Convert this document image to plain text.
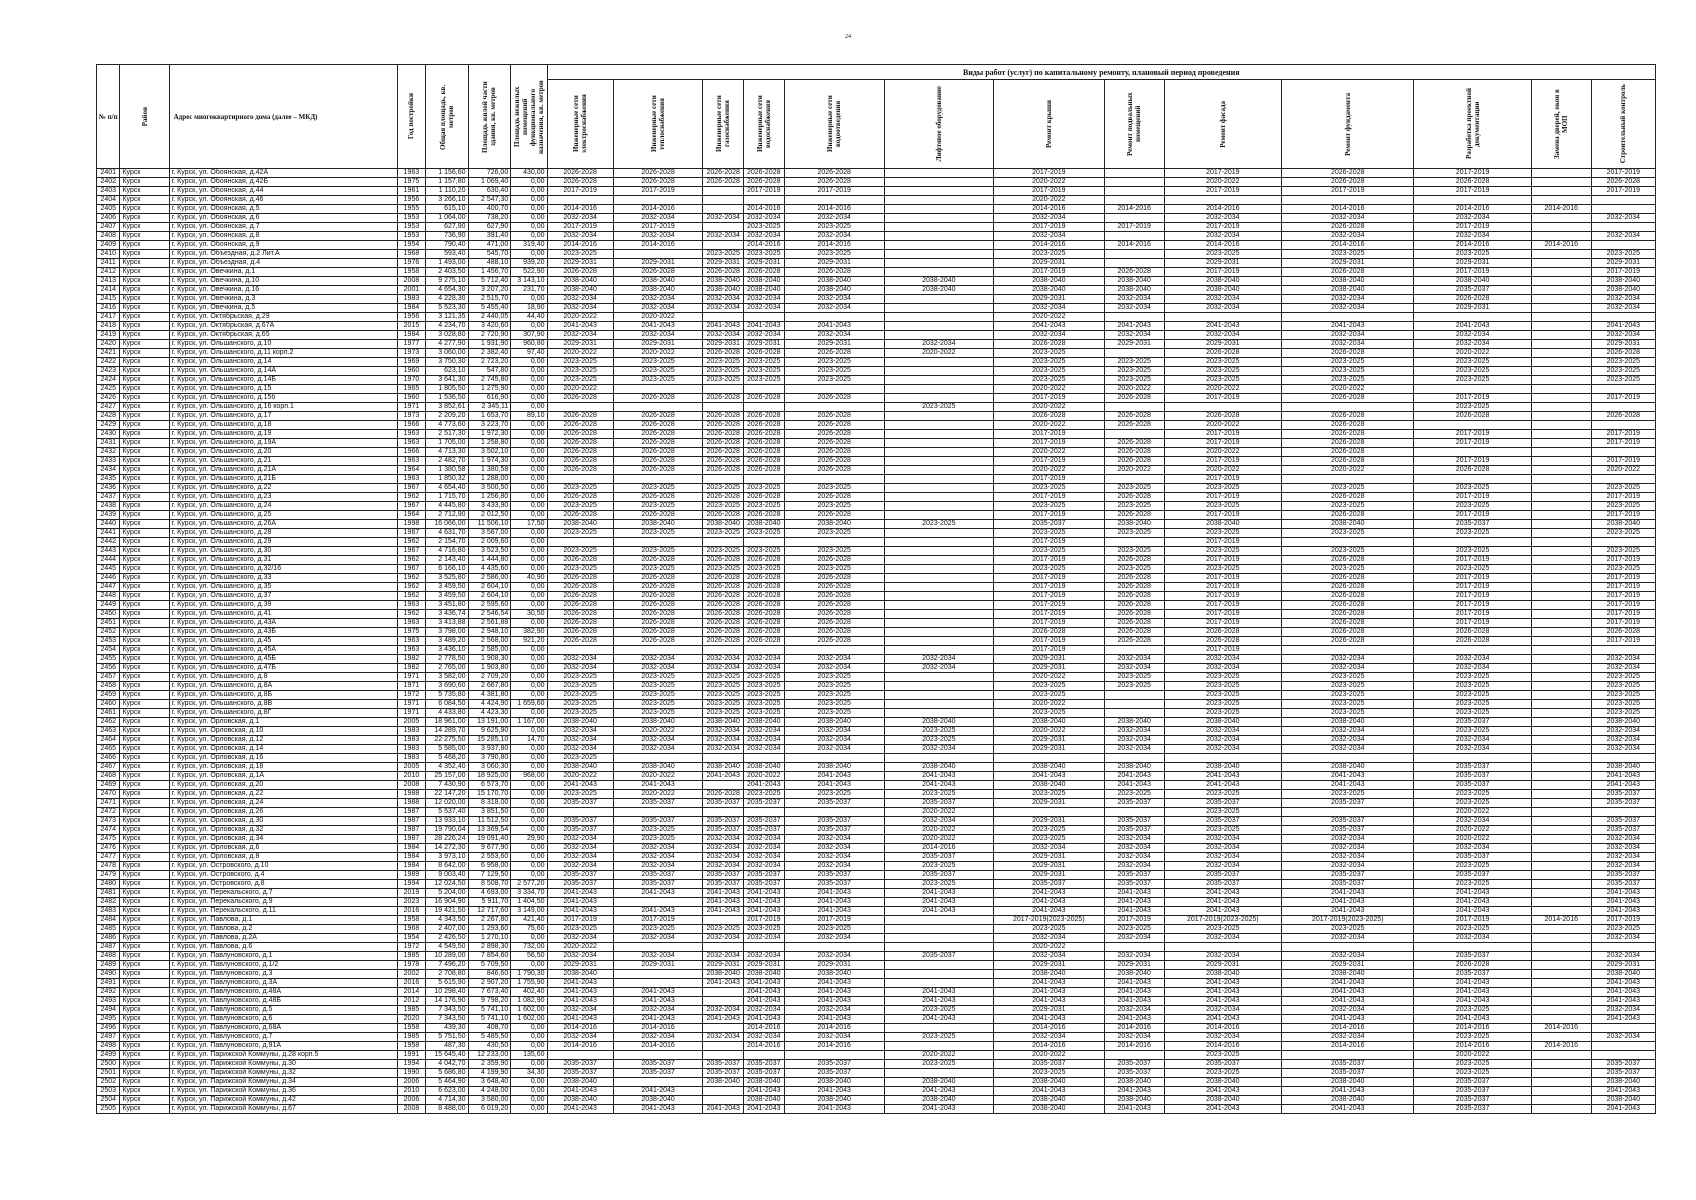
24
№ п/п	Район	Адрес многоквартирного дома (далее – МКД)	Год постройки	Общая площадь, кв. метров	Площадь жилой части здания, кв. метров	Площадь нежилых помещений функционального назначения, кв. метров	Виды работ (услуг) по капитальному ремонту, плановый период проведения												

							Инженерные сети электроснабжения	Инженерные сети теплоснабжения	Инженерные сети газоснабжения	Инженерные сети водоснабжения	Инженерные сети водоотведения	Лифтовое оборудование	Ремонт крыши	Ремонт подвальных помещений	Ремонт фасада	Ремонт фундамента	Разработка проектной документации	Замена дверей, окон в МОП	Строительный контроль

2401	Курск	г. Курск, ул. Обоянская, д.42А	1963	1 156,60	726,00	430,00	2026-2028	2026-2028	2026-2028	2026-2028	2026-2028		2017-2019		2017-2019	2026-2028	2017-2019		2017-2019
2402	Курск	г. Курск, ул. Обоянская, д.42Б	1975	1 157,80	1 069,40	0,00	2026-2028	2026-2028	2026-2028	2026-2028	2026-2028		2020-2022		2020-2022	2026-2028	2026-2028		2026-2028
2403	Курск	г. Курск, ул. Обоянская, д.44	1961	1 110,20	630,40	0,00	2017-2019	2017-2019		2017-2019	2017-2019		2017-2019		2017-2019	2017-2019	2017-2019		2017-2019
2404	Курск	г. Курск, ул. Обоянская, д.46	1956	3 266,10	2 547,30	0,00							2020-2022						
2405	Курск	г. Курск, ул. Обоянская, д.5	1955	615,10	400,70	0,00	2014-2016	2014-2016		2014-2016	2014-2016		2014-2016	2014-2016	2014-2016	2014-2016	2014-2016	2014-2016	
2406	Курск	г. Курск, ул. Обоянская, д.6	1953	1 064,00	738,20	0,00	2032-2034	2032-2034	2032-2034	2032-2034	2032-2034		2032-2034		2032-2034	2032-2034	2032-2034		2032-2034
2407	Курск	г. Курск, ул. Обоянская, д.7	1953	627,90	627,90	0,00	2017-2019	2017-2019		2023-2025	2023-2025		2017-2019	2017-2019	2017-2019	2026-2028	2017-2019		
2408	Курск	г. Курск, ул. Обоянская, д.8	1953	736,90	391,40	0,00	2032-2034	2032-2034	2032-2034	2032-2034	2032-2034		2032-2034		2032-2034	2032-2034	2032-2034		2032-2034
2409	Курск	г. Курск, ул. Обоянская, д.9	1954	790,40	471,00	319,40	2014-2016	2014-2016		2014-2016	2014-2016		2014-2016	2014-2016	2014-2016	2014-2016	2014-2016	2014-2016	
2410	Курск	г. Курск, ул. Объездная, д.2 Лит.А	1968	593,40	545,70	0,00	2023-2025		2023-2025	2023-2025	2023-2025		2023-2025		2023-2025	2023-2025	2023-2025		2023-2025
2411	Курск	г. Курск, ул. Объездная, д.4	1976	1 493,00	488,10	939,20	2029-2031	2029-2031	2029-2031	2029-2031	2029-2031		2029-2031		2029-2031	2029-2031	2029-2031		2029-2031
2412	Курск	г. Курск, ул. Овечкина, д.1	1958	2 403,50	1 456,70	522,90	2026-2028	2026-2028	2026-2028	2026-2028	2026-2028		2017-2019	2026-2028	2017-2019	2026-2028	2017-2019		2017-2019
2413	Курск	г. Курск, ул. Овечкина, д.10	2008	9 275,10	5 712,40	3 143,10	2038-2040	2038-2040	2038-2040	2038-2040	2038-2040	2038-2040	2038-2040	2038-2040	2038-2040	2038-2040	2038-2040		2038-2040
2414	Курск	г. Курск, ул. Овечкина, д.16	2001	4 654,30	3 207,20	231,70	2038-2040	2038-2040	2038-2040	2038-2040	2038-2040	2038-2040	2038-2040	2038-2040	2038-2040	2038-2040	2035-2037		2038-2040
2415	Курск	г. Курск, ул. Овечкина, д.3	1983	4 228,30	2 515,70	0,00	2032-2034	2032-2034	2032-2034	2032-2034	2032-2034		2029-2031	2032-2034	2032-2034	2032-2034	2026-2028		2032-2034
2416	Курск	г. Курск, ул. Овечкина, д.5	1984	5 523,30	5 455,40	18,90	2032-2034	2032-2034	2032-2034	2032-2034	2032-2034		2032-2034	2032-2034	2032-2034	2032-2034	2029-2031		2032-2034
2417	Курск	г. Курск, ул. Октябрьская, д.29	1956	3 121,35	2 440,05	44,40	2020-2022	2020-2022					2020-2022						
2418	Курск	г. Курск, ул. Октябрьская, д.67А	2015	4 234,70	3 420,60	0,00	2041-2043	2041-2043	2041-2043	2041-2043	2041-2043		2041-2043	2041-2043	2041-2043	2041-2043	2041-2043		2041-2043
2419	Курск	г. Курск, ул. Октябрьская, д.65	1984	3 028,80	2 720,90	307,90	2032-2034	2032-2034	2032-2034	2032-2034	2032-2034		2032-2034	2032-2034	2032-2034	2032-2034	2032-2034		2032-2034
2420	Курск	г. Курск, ул. Ольшанского, д.10	1977	4 277,90	1 931,90	960,80	2029-2031	2029-2031	2029-2031	2029-2031	2029-2031	2032-2034	2026-2028	2029-2031	2029-2031	2032-2034	2032-2034		2029-2031
2421	Курск	г. Курск, ул. Ольшанского, д.11 корп.2	1973	3 060,00	2 382,40	97,40	2020-2022	2020-2022	2026-2028	2026-2028	2026-2028	2020-2022	2023-2025		2026-2028	2026-2028	2020-2022		2026-2028
2422	Курск	г. Курск, ул. Ольшанского, д.14	1969	3 750,30	2 723,20	0,00	2023-2025	2023-2025	2023-2025	2023-2025	2023-2025		2023-2025	2023-2025	2023-2025	2023-2025	2023-2025		2023-2025
2423	Курск	г. Курск, ул. Ольшанского, д.14А	1960	623,10	547,80	0,00	2023-2025	2023-2025	2023-2025	2023-2025	2023-2025		2023-2025	2023-2025	2023-2025	2023-2025	2023-2025		2023-2025
2424	Курск	г. Курск, ул. Ольшанского, д.14Б	1970	3 641,30	2 745,80	0,00	2023-2025	2023-2025	2023-2025	2023-2025	2023-2025		2023-2025	2023-2025	2023-2025	2023-2025	2023-2025		2023-2025
2425	Курск	г. Курск, ул. Ольшанского, д.15	1965	1 805,50	1 275,90	0,00	2020-2022						2020-2022	2020-2022	2020-2022	2020-2022			
2426	Курск	г. Курск, ул. Ольшанского, д.15б	1960	1 536,50	616,90	0,00	2026-2028	2026-2028	2026-2028	2026-2028	2026-2028		2017-2019	2026-2028	2017-2019	2026-2028	2017-2019		2017-2019
2427	Курск	г. Курск, ул. Ольшанского, д.16 корп.1	1971	3 852,61	2 345,11	0,00						2023-2025	2020-2022				2023-2025		
2428	Курск	г. Курск, ул. Ольшанского, д.17	1973	2 209,20	1 653,70	89,10	2026-2028	2026-2028	2026-2028	2026-2028	2026-2028		2026-2028	2026-2028	2026-2028	2026-2028	2026-2028		2026-2028
2429	Курск	г. Курск, ул. Ольшанского, д.18	1966	4 773,60	3 223,70	0,00	2026-2028	2026-2028	2026-2028	2026-2028	2026-2028		2020-2022	2026-2028	2020-2022	2026-2028			
2430	Курск	г. Курск, ул. Ольшанского, д.19	1963	2 517,30	1 972,30	0,00	2026-2028	2026-2028	2026-2028	2026-2028	2026-2028		2017-2019		2017-2019	2026-2028	2017-2019		2017-2019
2431	Курск	г. Курск, ул. Ольшанского, д.19А	1963	1 705,00	1 258,80	0,00	2026-2028	2026-2028	2026-2028	2026-2028	2026-2028		2017-2019	2026-2028	2017-2019	2026-2028	2017-2019		2017-2019
2432	Курск	г. Курск, ул. Ольшанского, д.20	1966	4 713,30	3 502,10	0,00	2026-2028	2026-2028	2026-2028	2026-2028	2026-2028		2020-2022	2026-2028	2020-2022	2026-2028			
2433	Курск	г. Курск, ул. Ольшанского, д.21	1963	2 482,70	1 974,30	0,00	2026-2028	2026-2028	2026-2028	2026-2028	2026-2028		2017-2019	2026-2028	2017-2019	2026-2028	2017-2019		2017-2019
2434	Курск	г. Курск, ул. Ольшанского, д.21А	1964	1 380,58	1 380,58	0,00	2026-2028	2026-2028	2026-2028	2026-2028	2026-2028		2020-2022	2020-2022	2020-2022	2020-2022	2026-2028		2020-2022
2435	Курск	г. Курск, ул. Ольшанского, д.21Б	1963	1 850,32	1 288,00	0,00							2017-2019		2017-2019				
2436	Курск	г. Курск, ул. Ольшанского, д.22	1967	4 654,40	3 500,50	0,00	2023-2025	2023-2025	2023-2025	2023-2025	2023-2025		2023-2025	2023-2025	2023-2025	2023-2025	2023-2025		2023-2025
2437	Курск	г. Курск, ул. Ольшанского, д.23	1962	1 715,70	1 256,80	0,00	2026-2028	2026-2028	2026-2028	2026-2028	2026-2028		2017-2019	2026-2028	2017-2019	2026-2028	2017-2019		2017-2019
2438	Курск	г. Курск, ул. Ольшанского, д.24	1967	4 445,80	3 433,90	0,00	2023-2025	2023-2025	2023-2025	2023-2025	2023-2025		2023-2025	2023-2025	2023-2025	2023-2025	2023-2025		2023-2025
2439	Курск	г. Курск, ул. Ольшанского, д.25	1964	2 712,90	2 012,50	0,00	2026-2028	2026-2028	2026-2028	2026-2028	2026-2028		2017-2019	2026-2028	2017-2019	2026-2028	2017-2019		2017-2019
2440	Курск	г. Курск, ул. Ольшанского, д.26А	1998	16 066,00	11 506,10	17,50	2038-2040	2038-2040	2038-2040	2038-2040	2038-2040	2023-2025	2035-2037	2038-2040	2038-2040	2038-2040	2035-2037		2038-2040
2441	Курск	г. Курск, ул. Ольшанского, д.28	1967	4 631,70	3 567,00	0,00	2023-2025	2023-2025	2023-2025	2023-2025	2023-2025		2023-2025	2023-2025	2023-2025	2023-2025	2023-2025		2023-2025
2442	Курск	г. Курск, ул. Ольшанского, д.29	1962	2 154,70	2 009,60	0,00							2017-2019		2017-2019				
2443	Курск	г. Курск, ул. Ольшанского, д.30	1967	4 716,80	3 523,50	0,00	2023-2025	2023-2025	2023-2025	2023-2025	2023-2025		2023-2025	2023-2025	2023-2025	2023-2025	2023-2025		2023-2025
2444	Курск	г. Курск, ул. Ольшанского, д.31	1962	2 143,40	1 444,80	0,00	2026-2028	2026-2028	2026-2028	2026-2028	2026-2028		2017-2019	2026-2028	2017-2019	2026-2028	2017-2019		2017-2019
2445	Курск	г. Курск, ул. Ольшанского, д.32/16	1967	6 166,10	4 435,60	0,00	2023-2025	2023-2025	2023-2025	2023-2025	2023-2025		2023-2025	2023-2025	2023-2025	2023-2025	2023-2025		2023-2025
2446	Курск	г. Курск, ул. Ольшанского, д.33	1962	3 525,80	2 586,00	40,90	2026-2028	2026-2028	2026-2028	2026-2028	2026-2028		2017-2019	2026-2028	2017-2019	2026-2028	2017-2019		2017-2019
2447	Курск	г. Курск, ул. Ольшанского, д.35	1962	3 459,50	2 604,10	0,00	2026-2028	2026-2028	2026-2028	2026-2028	2026-2028		2017-2019	2026-2028	2017-2019	2026-2028	2017-2019		2017-2019
2448	Курск	г. Курск, ул. Ольшанского, д.37	1962	3 459,50	2 604,10	0,00	2026-2028	2026-2028	2026-2028	2026-2028	2026-2028		2017-2019	2026-2028	2017-2019	2026-2028	2017-2019		2017-2019
2449	Курск	г. Курск, ул. Ольшанского, д.39	1963	3 451,80	2 595,60	0,00	2026-2028	2026-2028	2026-2028	2026-2028	2026-2028		2017-2019	2026-2028	2017-2019	2026-2028	2017-2019		2017-2019
2450	Курск	г. Курск, ул. Ольшанского, д.41	1962	3 436,74	2 546,54	30,50	2026-2028	2026-2028	2026-2028	2026-2028	2026-2028		2017-2019	2026-2028	2017-2019	2026-2028	2017-2019		2017-2019
2451	Курск	г. Курск, ул. Ольшанского, д.43А	1963	3 413,88	2 561,88	0,00	2026-2028	2026-2028	2026-2028	2026-2028	2026-2028		2017-2019	2026-2028	2017-2019	2026-2028	2017-2019		2017-2019
2452	Курск	г. Курск, ул. Ольшанского, д.43Б	1975	3 798,00	2 948,10	382,90	2026-2028	2026-2028	2026-2028	2026-2028	2026-2028		2026-2028	2026-2028	2026-2028	2026-2028	2026-2028		2026-2028
2453	Курск	г. Курск, ул. Ольшанского, д.45	1963	3 489,20	2 568,00	921,20	2026-2028	2026-2028	2026-2028	2026-2028	2026-2028		2017-2019	2026-2028	2026-2028	2026-2028	2026-2028		2017-2019
2454	Курск	г. Курск, ул. Ольшанского, д.45А	1963	3 436,10	2 585,00	0,00							2017-2019		2017-2019				
2455	Курск	г. Курск, ул. Ольшанского, д.45Б	1982	2 778,50	1 908,30	0,00	2032-2034	2032-2034	2032-2034	2032-2034	2032-2034	2032-2034	2029-2031	2032-2034	2032-2034	2032-2034	2032-2034		2032-2034
2456	Курск	г. Курск, ул. Ольшанского, д.47Б	1982	2 765,00	1 903,80	0,00	2032-2034	2032-2034	2032-2034	2032-2034	2032-2034	2032-2034	2029-2031	2032-2034	2032-2034	2032-2034	2032-2034		2032-2034
2457	Курск	г. Курск, ул. Ольшанского, д.8	1971	3 582,00	2 709,20	0,00	2023-2025	2023-2025	2023-2025	2023-2025	2023-2025		2020-2022	2023-2025	2023-2025	2023-2025	2023-2025		2023-2025
2458	Курск	г. Курск, ул. Ольшанского, д.8А	1971	3 690,60	2 667,80	0,00	2023-2025	2023-2025	2023-2025	2023-2025	2023-2025		2023-2025	2023-2025	2023-2025	2023-2025	2023-2025		2023-2025
2459	Курск	г. Курск, ул. Ольшанского, д.8Б	1972	5 735,80	4 381,80	0,00	2023-2025	2023-2025	2023-2025	2023-2025	2023-2025		2023-2025		2023-2025	2023-2025	2023-2025		2023-2025
2460	Курск	г. Курск, ул. Ольшанского, д.8В	1971	6 084,50	4 424,90	1 659,60	2023-2025	2023-2025	2023-2025	2023-2025	2023-2025		2020-2022		2023-2025	2023-2025	2023-2025		2023-2025
2461	Курск	г. Курск, ул. Ольшанского, д.8Г	1971	4 433,80	4 423,30	0,00	2023-2025	2023-2025	2023-2025	2023-2025	2023-2025		2023-2025		2023-2025	2023-2025	2023-2025		2023-2025
2462	Курск	г. Курск, ул. Орловская, д.1	2005	18 961,00	13 191,00	1 167,00	2038-2040	2038-2040	2038-2040	2038-2040	2038-2040	2038-2040	2038-2040	2038-2040	2038-2040	2038-2040	2035-2037		2038-2040
2463	Курск	г. Курск, ул. Орловская, д.10	1983	14 289,70	9 625,90	0,00	2032-2034	2020-2022	2032-2034	2032-2034	2032-2034	2023-2025	2020-2022	2032-2034	2032-2034	2032-2034	2023-2025		2032-2034
2464	Курск	г. Курск, ул. Орловская, д.12	1983	22 275,50	15 285,10	14,70	2032-2034	2032-2034	2032-2034	2032-2034	2032-2034	2023-2025	2029-2031	2032-2034	2032-2034	2032-2034	2032-2034		2032-2034
2465	Курск	г. Курск, ул. Орловская, д.14	1983	5 585,00	3 937,80	0,00	2032-2034	2032-2034	2032-2034	2032-2034	2032-2034	2032-2034	2029-2031	2032-2034	2032-2034	2032-2034	2032-2034		2032-2034
2466	Курск	г. Курск, ул. Орловская, д.16	1983	5 468,20	3 790,80	0,00	2023-2025												
2467	Курск	г. Курск, ул. Орловская, д.18	2005	4 352,40	3 060,30	0,00	2038-2040	2038-2040	2038-2040	2038-2040	2038-2040	2038-2040	2038-2040	2038-2040	2038-2040	2038-2040	2035-2037		2038-2040
2468	Курск	г. Курск, ул. Орловская, д.1А	2010	25 157,00	18 925,00	968,00	2020-2022	2020-2022	2041-2043	2020-2022	2041-2043	2041-2043	2041-2043	2041-2043	2041-2043	2041-2043	2035-2037		2041-2043
2469	Курск	г. Курск, ул. Орловская, д.20	2008	7 430,90	6 573,70	0,00	2041-2043	2041-2043		2041-2043	2041-2043	2041-2043	2038-2040	2041-2043	2041-2043	2041-2043	2035-2037		2041-2043
2470	Курск	г. Курск, ул. Орловская, д.22	1988	22 147,20	15 170,70	0,00	2023-2025	2020-2022	2026-2028	2023-2025	2023-2025	2023-2025	2023-2025	2023-2025	2023-2025	2023-2025	2023-2025		2035-2037
2471	Курск	г. Курск, ул. Орловская, д.24	1988	12 020,00	8 318,00	0,00	2035-2037	2035-2037	2035-2037	2035-2037	2035-2037	2035-2037	2029-2031	2035-2037	2035-2037	2035-2037	2023-2025		2035-2037
2472	Курск	г. Курск, ул. Орловская, д.26	1987	5 537,40	3 851,50	0,00						2020-2022			2023-2025		2020-2022		
2473	Курск	г. Курск, ул. Орловская, д.30	1987	13 933,10	11 512,50	0,00	2035-2037	2035-2037	2035-2037	2035-2037	2035-2037	2032-2034	2029-2031	2035-2037	2035-2037	2035-2037	2032-2034		2035-2037
2474	Курск	г. Курск, ул. Орловская, д.32	1987	19 790,04	13 369,54	0,00	2035-2037	2023-2025	2035-2037	2035-2037	2035-2037	2020-2022	2023-2025	2035-2037	2023-2025	2035-2037	2020-2022		2035-2037
2475	Курск	г. Курск, ул. Орловская, д.34	1987	28 226,24	19 091,40	29,90	2032-2034	2023-2025	2032-2034	2032-2034	2032-2034	2020-2022	2023-2025	2032-2034	2032-2034	2032-2034	2020-2022		2032-2034
2476	Курск	г. Курск, ул. Орловская, д.6	1984	14 272,30	9 677,90	0,00	2032-2034	2032-2034	2032-2034	2032-2034	2032-2034	2014-2016	2032-2034	2032-2034	2032-2034	2032-2034	2032-2034		2032-2034
2477	Курск	г. Курск, ул. Орловская, д.8	1984	3 973,10	2 553,60	0,00	2032-2034	2032-2034	2032-2034	2032-2034	2032-2034	2035-2037	2029-2031	2032-2034	2032-2034	2032-2034	2035-2037		2032-2034
2478	Курск	г. Курск, ул. Островского, д.10	1984	8 642,00	6 958,00	0,00	2032-2034	2032-2034	2032-2034	2032-2034	2032-2034	2023-2025	2029-2031	2032-2034	2032-2034	2032-2034	2023-2025		2032-2034
2479	Курск	г. Курск, ул. Островского, д.4	1989	9 003,40	7 129,50	0,00	2035-2037	2035-2037	2035-2037	2035-2037	2035-2037	2035-2037	2029-2031	2035-2037	2035-2037	2035-2037	2035-2037		2035-2037
2480	Курск	г. Курск, ул. Островского, д.8	1994	12 024,50	8 508,70	2 577,20	2035-2037	2035-2037	2035-2037	2035-2037	2035-2037	2023-2025	2035-2037	2035-2037	2035-2037	2035-2037	2023-2025		2035-2037
2481	Курск	г. Курск, ул. Перекальского, д.7	2019	5 204,00	4 693,00	3 334,70	2041-2043	2041-2043	2041-2043	2041-2043	2041-2043	2041-2043	2041-2043	2041-2043	2041-2043	2041-2043	2041-2043		2041-2043
2482	Курск	г. Курск, ул. Перекальского, д.9	2023	16 904,90	5 911,70	1 404,50	2041-2043		2041-2043	2041-2043	2041-2043	2041-2043	2041-2043	2041-2043	2041-2043	2041-2043	2041-2043		2041-2043
2483	Курск	г. Курск, ул. Перекальского, д.11	2016	19 421,50	12 717,60	3 149,00	2041-2043	2041-2043	2041-2043	2041-2043	2041-2043	2041-2043	2041-2043	2041-2043	2041-2043	2041-2043	2041-2043		2041-2043
2484	Курск	г. Курск, ул. Павлова, д.1	1958	4 343,50	2 267,80	421,40	2017-2019	2017-2019		2017-2019	2017-2019		2017-2019(2023-2025)	2017-2019	2017-2019(2023-2025)	2017-2019(2023-2025)	2017-2019	2014-2016	2017-2019
2485	Курск	г. Курск, ул. Павлова, д.2	1968	2 407,00	1 293,60	75,60	2023-2025	2023-2025	2023-2025	2023-2025	2023-2025		2023-2025	2023-2025	2023-2025	2023-2025	2023-2025		2023-2025
2486	Курск	г. Курск, ул. Павлова, д.2А	1954	2 426,50	1 270,10	0,00	2032-2034	2032-2034	2032-2034	2032-2034	2032-2034		2032-2034	2032-2034	2032-2034	2032-2034	2032-2034		2032-2034
2487	Курск	г. Курск, ул. Павлова, д.6	1972	4 549,50	2 898,30	732,00	2020-2022						2020-2022						
2488	Курск	г. Курск, ул. Павлуновского, д.1	1985	10 289,00	7 854,60	56,50	2032-2034	2032-2034	2032-2034	2032-2034	2032-2034	2035-2037	2032-2034	2032-2034	2032-2034	2032-2034	2035-2037		2032-2034
2489	Курск	г. Курск, ул. Павлуновского, д.1/2	1978	7 496,20	5 709,50	0,00	2029-2031	2029-2031	2029-2031	2029-2031	2029-2031		2029-2031	2029-2031	2029-2031	2029-2031	2026-2028		2029-2031
2490	Курск	г. Курск, ул. Павлуновского, д.3	2002	2 708,80	846,60	1 790,30	2038-2040		2038-2040	2038-2040	2038-2040		2038-2040	2038-2040	2038-2040	2038-2040	2035-2037		2038-2040
2491	Курск	г. Курск, ул. Павлуновского, д.3А	2016	5 615,90	2 907,20	1 755,90	2041-2043		2041-2043	2041-2043	2041-2043		2041-2043	2041-2043	2041-2043	2041-2043	2041-2043		2041-2043
2492	Курск	г. Курск, ул. Павлуновского, д.48А	2014	10 298,40	7 673,40	402,40	2041-2043	2041-2043		2041-2043	2041-2043	2041-2043	2041-2043	2041-2043	2041-2043	2041-2043	2041-2043		2041-2043
2493	Курск	г. Курск, ул. Павлуновского, д.48Б	2012	14 176,90	9 798,20	1 082,90	2041-2043	2041-2043		2041-2043	2041-2043	2041-2043	2041-2043	2041-2043	2041-2043	2041-2043	2041-2043		2041-2043
2494	Курск	г. Курск, ул. Павлуновского, д.5	1985	7 343,50	5 741,10	1 602,00	2032-2034	2032-2034	2032-2034	2032-2034	2032-2034	2023-2025	2029-2031	2032-2034	2032-2034	2032-2034	2023-2025		2032-2034
2495	Курск	г. Курск, ул. Павлуновского, д.6	2020	7 343,50	5 741,10	1 602,00	2041-2043	2041-2043	2041-2043	2041-2043	2041-2043	2041-2043	2041-2043	2041-2043	2041-2043	2041-2043	2041-2043		2041-2043
2496	Курск	г. Курск, ул. Павлуновского, д.68А	1958	439,30	408,70	0,00	2014-2016	2014-2016		2014-2016	2014-2016		2014-2016	2014-2016	2014-2016	2014-2016	2014-2016	2014-2016	
2497	Курск	г. Курск, ул. Павлуновского, д.7	1985	5 751,50	5 485,50	0,00	2032-2034	2032-2034	2032-2034	2032-2034	2032-2034	2023-2025	2032-2034	2032-2034	2032-2034	2032-2034	2023-2025		2032-2034
2498	Курск	г. Курск, ул. Павлуновского, д.91А	1958	487,30	430,50	0,00	2014-2016	2014-2016		2014-2016	2014-2016		2014-2016	2014-2016	2014-2016	2014-2016	2014-2016	2014-2016	
2499	Курск	г. Курск, ул. Парижской Коммуны, д.28 корп.5	1991	15 645,40	12 233,00	135,60						2020-2022	2020-2022		2023-2025		2020-2022		
2500	Курск	г. Курск, ул. Парижской Коммуны, д.30	1994	4 042,70	2 359,90	0,00	2035-2037	2035-2037	2035-2037	2035-2037	2035-2037	2023-2025	2035-2037	2035-2037	2035-2037	2035-2037	2023-2025		2035-2037
2501	Курск	г. Курск, ул. Парижской Коммуны, д.32	1990	5 686,80	4 199,90	34,30	2035-2037	2035-2037	2035-2037	2035-2037	2035-2037		2023-2025	2035-2037	2023-2025	2035-2037	2023-2025		2035-2037
2502	Курск	г. Курск, ул. Парижской Коммуны, д.34	2006	5 464,90	3 648,40	0,00	2038-2040		2038-2040	2038-2040	2038-2040	2038-2040	2038-2040	2038-2040	2038-2040	2038-2040	2035-2037		2038-2040
2503	Курск	г. Курск, ул. Парижской Коммуны, д.36	2010	6 623,00	4 248,00	0,00	2041-2043	2041-2043		2041-2043	2041-2043	2041-2043	2041-2043	2041-2043	2041-2043	2041-2043	2035-2037		2041-2043
2504	Курск	г. Курск, ул. Парижской Коммуны, д.42	2006	4 714,30	3 580,00	0,00	2038-2040	2038-2040		2038-2040	2038-2040	2038-2040	2038-2040	2038-2040	2038-2040	2038-2040	2035-2037		2038-2040
2505	Курск	г. Курск, ул. Парижской Коммуны, д.67	2008	8 488,00	6 019,20	0,00	2041-2043	2041-2043	2041-2043	2041-2043	2041-2043	2041-2043	2038-2040	2041-2043	2041-2043	2041-2043	2035-2037		2041-2043
